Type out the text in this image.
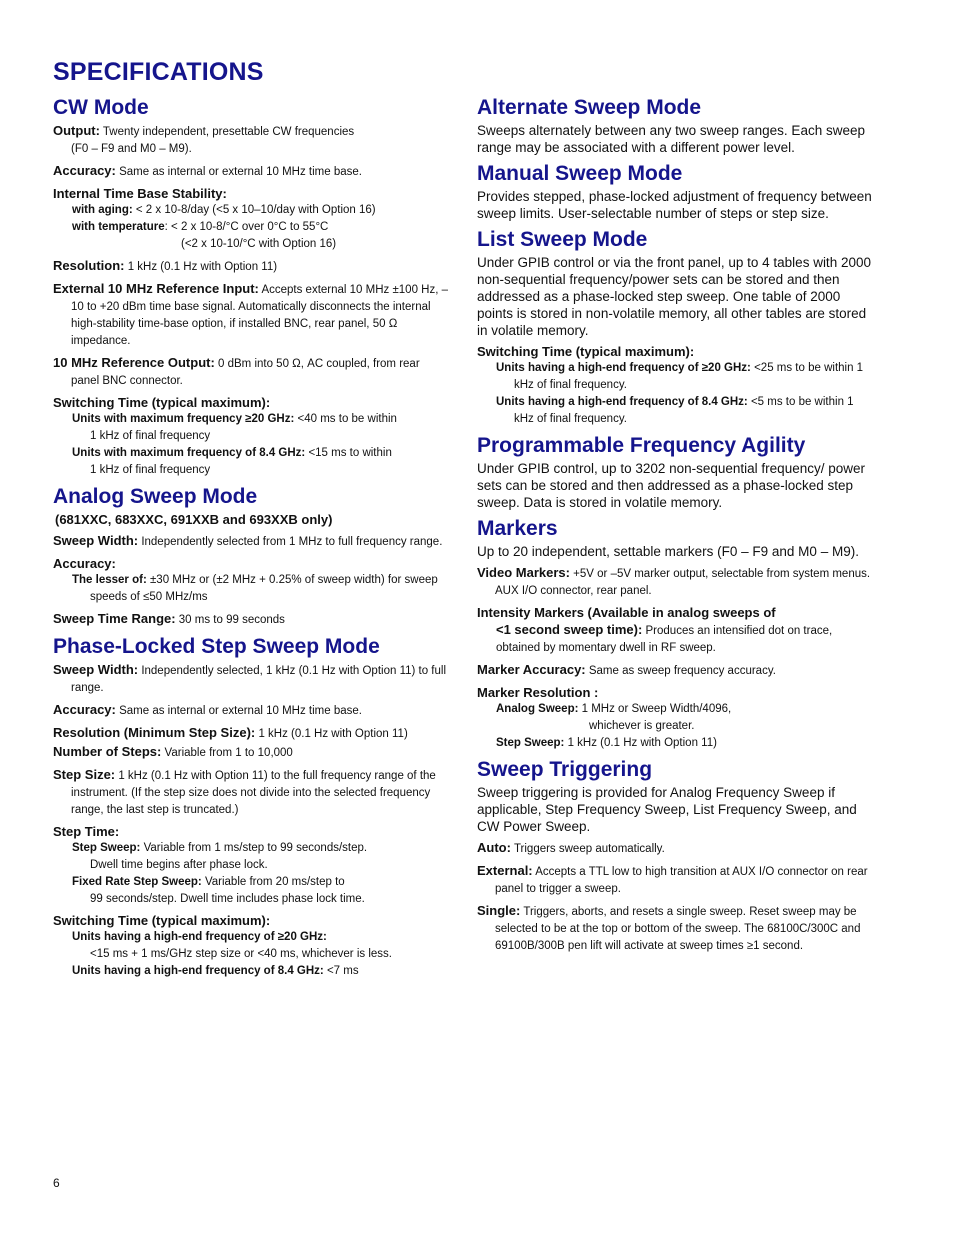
SPECIFICATIONS
CW Mode
Output: Twenty independent, presettable CW frequencies
(F0 – F9 and M0 – M9).
Accuracy: Same as internal or external 10 MHz time base.
Internal Time Base Stability:
with aging: < 2 x 10-8/day (<5 x 10–10/day with Option 16)
with temperature: < 2 x 10-8/°C over 0°C to 55°C
(<2 x 10-10/°C with Option 16)
Resolution: 1 kHz (0.1 Hz with Option 11)
External 10 MHz Reference Input: Accepts external 10 MHz ±100 Hz, –10 to +20 dBm time base signal. Automatically disconnects the internal high-stability time-base option, if installed BNC, rear panel, 50 Ω impedance.
10 MHz Reference Output: 0 dBm into 50 Ω, AC coupled, from rear panel BNC connector.
Switching Time (typical maximum):
Units with maximum frequency ≥20 GHz: <40 ms to be within
1 kHz of final frequency
Units with maximum frequency of 8.4 GHz: <15 ms to within
1 kHz of final frequency
Analog Sweep Mode
(681XXC, 683XXC, 691XXB and 693XXB only)
Sweep Width: Independently selected from 1 MHz to full frequency range.
Accuracy:
The lesser of: ±30 MHz or (±2 MHz + 0.25% of sweep width) for sweep speeds of ≤50 MHz/ms
Sweep Time Range: 30 ms to 99 seconds
Phase-Locked Step Sweep Mode
Sweep Width: Independently selected, 1 kHz (0.1 Hz with Option 11) to full range.
Accuracy: Same as internal or external 10 MHz time base.
Resolution (Minimum Step Size): 1 kHz (0.1 Hz with Option 11)
Number of Steps: Variable from 1 to 10,000
Step Size: 1 kHz (0.1 Hz with Option 11) to the full frequency range of the instrument. (If the step size does not divide into the selected frequency range, the last step is truncated.)
Step Time:
Step Sweep: Variable from 1 ms/step to 99 seconds/step.
Dwell time begins after phase lock.
Fixed Rate Step Sweep: Variable from 20 ms/step to
99 seconds/step. Dwell time includes phase lock time.
Switching Time (typical maximum):
Units having a high-end frequency of ≥20 GHz:
<15 ms + 1 ms/GHz step size or <40 ms, whichever is less.
Units having a high-end frequency of 8.4 GHz: <7 ms
Alternate Sweep Mode
Sweeps alternately between any two sweep ranges. Each sweep range may be associated with a different power level.
Manual Sweep Mode
Provides stepped, phase-locked adjustment of frequency between sweep limits. User-selectable number of steps or step size.
List Sweep Mode
Under GPIB control or via the front panel, up to 4 tables with 2000 non-sequential frequency/power sets can be stored and then addressed as a phase-locked step sweep. One table of 2000 points is stored in non-volatile memory, all other tables are stored in volatile memory.
Switching Time (typical maximum):
Units having a high-end frequency of ≥20 GHz: <25 ms to be within 1 kHz of final frequency.
Units having a high-end frequency of 8.4 GHz: <5 ms to be within 1 kHz of final frequency.
Programmable Frequency Agility
Under GPIB control, up to 3202 non-sequential frequency/ power sets can be stored and then addressed as a phase-locked step sweep. Data is stored in volatile memory.
Markers
Up to 20 independent, settable markers (F0 – F9 and M0 – M9).
Video Markers: +5V or –5V marker output, selectable from system menus. AUX I/O connector, rear panel.
Intensity Markers (Available in analog sweeps of
<1 second sweep time): Produces an intensified dot on trace, obtained by momentary dwell in RF sweep.
Marker Accuracy: Same as sweep frequency accuracy.
Marker Resolution :
Analog Sweep: 1 MHz or Sweep Width/4096,
whichever is greater.
Step Sweep: 1 kHz (0.1 Hz with Option 11)
Sweep Triggering
Sweep triggering is provided for Analog Frequency Sweep if applicable, Step Frequency Sweep, List Frequency Sweep, and CW Power Sweep.
Auto: Triggers sweep automatically.
External: Accepts a TTL low to high transition at AUX I/O connector on rear panel to trigger a sweep.
Single: Triggers, aborts, and resets a single sweep. Reset sweep may be selected to be at the top or bottom of the sweep. The 68100C/300C and 69100B/300B pen lift will activate at sweep times ≥1 second.
6
